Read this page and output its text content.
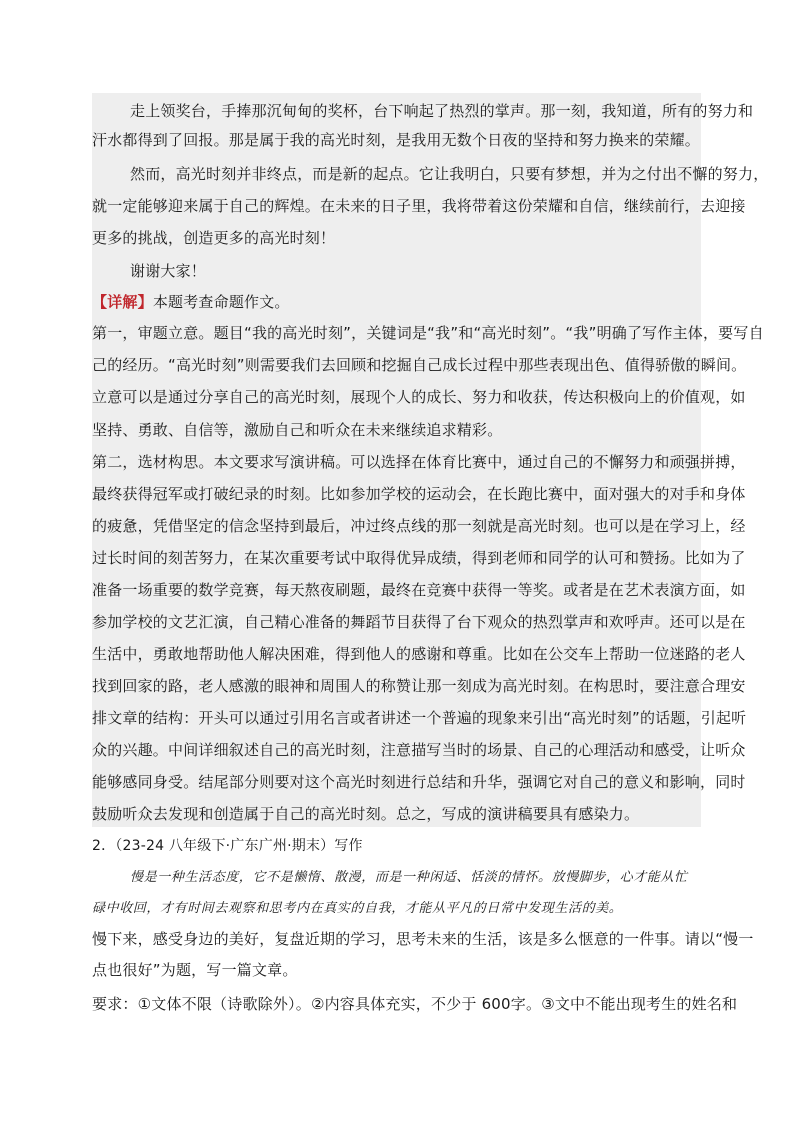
走上领奖台，手捧那沉甸甸的奖杯，台下响起了热烈的掌声。那一刻，我知道，所有的努力和
汗水都得到了回报。那是属于我的高光时刻，是我用无数个日夜的坚持和努力换来的荣耀。
然而，高光时刻并非终点，而是新的起点。它让我明白，只要有梦想，并为之付出不懈的努力，
就一定能够迎来属于自己的辉煌。在未来的日子里，我将带着这份荣耀和自信，继续前行，去迎接
更多的挑战，创造更多的高光时刻！
谢谢大家！
【详解】本题考查命题作文。
第一，审题立意。题目“我的高光时刻”，关键词是“我”和“高光时刻”。“我”明确了写作主体，要写自
己的经历。“高光时刻”则需要我们去回顾和挖掘自己成长过程中那些表现出色、值得骄傲的瞬间。
立意可以是通过分享自己的高光时刻，展现个人的成长、努力和收获，传达积极向上的价值观，如
坚持、勇敢、自信等，激励自己和听众在未来继续追求精彩。
第二，选材构思。本文要求写演讲稿。可以选择在体育比赛中，通过自己的不懈努力和顽强拼搏，
最终获得冠军或打破纪录的时刻。比如参加学校的运动会，在长跑比赛中，面对强大的对手和身体
的疲惫，凭借坚定的信念坚持到最后，冲过终点线的那一刻就是高光时刻。也可以是在学习上，经
过长时间的刻苦努力，在某次重要考试中取得优异成绩，得到老师和同学的认可和赞扬。比如为了
准备一场重要的数学竞赛，每天熬夜刷题，最终在竞赛中获得一等奖。或者是在艺术表演方面，如
参加学校的文艺汇演，自己精心准备的舞蹈节目获得了台下观众的热烈掌声和欢呼声。还可以是在
生活中，勇敢地帮助他人解决困难，得到他人的感谢和尊重。比如在公交车上帮助一位迷路的老人
找到回家的路，老人感激的眼神和周围人的称赞让那一刻成为高光时刻。在构思时，要注意合理安
排文章的结构：开头可以通过引用名言或者讲述一个普遍的现象来引出“高光时刻”的话题，引起听
众的兴趣。中间详细叙述自己的高光时刻，注意描写当时的场景、自己的心理活动和感受，让听众
能够感同身受。结尾部分则要对这个高光时刻进行总结和升华，强调它对自己的意义和影响，同时
鼓励听众去发现和创造属于自己的高光时刻。总之，写成的演讲稿要具有感染力。
2．（23-24 八年级下·广东广州·期末）写作
慢是一种生活态度，它不是懒惰、散漫，而是一种闲适、恬淡的情怀。放慢脚步，心才能从忙
碌中收回，才有时间去观察和思考内在真实的自我，才能从平凡的日常中发现生活的美。
慢下来，感受身边的美好，复盘近期的学习，思考未来的生活，该是多么惬意的一件事。请以“慢一
点也很好”为题，写一篇文章。
要求：①文体不限（诗歌除外）。②内容具体充实，不少于 600字。③文中不能出现考生的姓名和
